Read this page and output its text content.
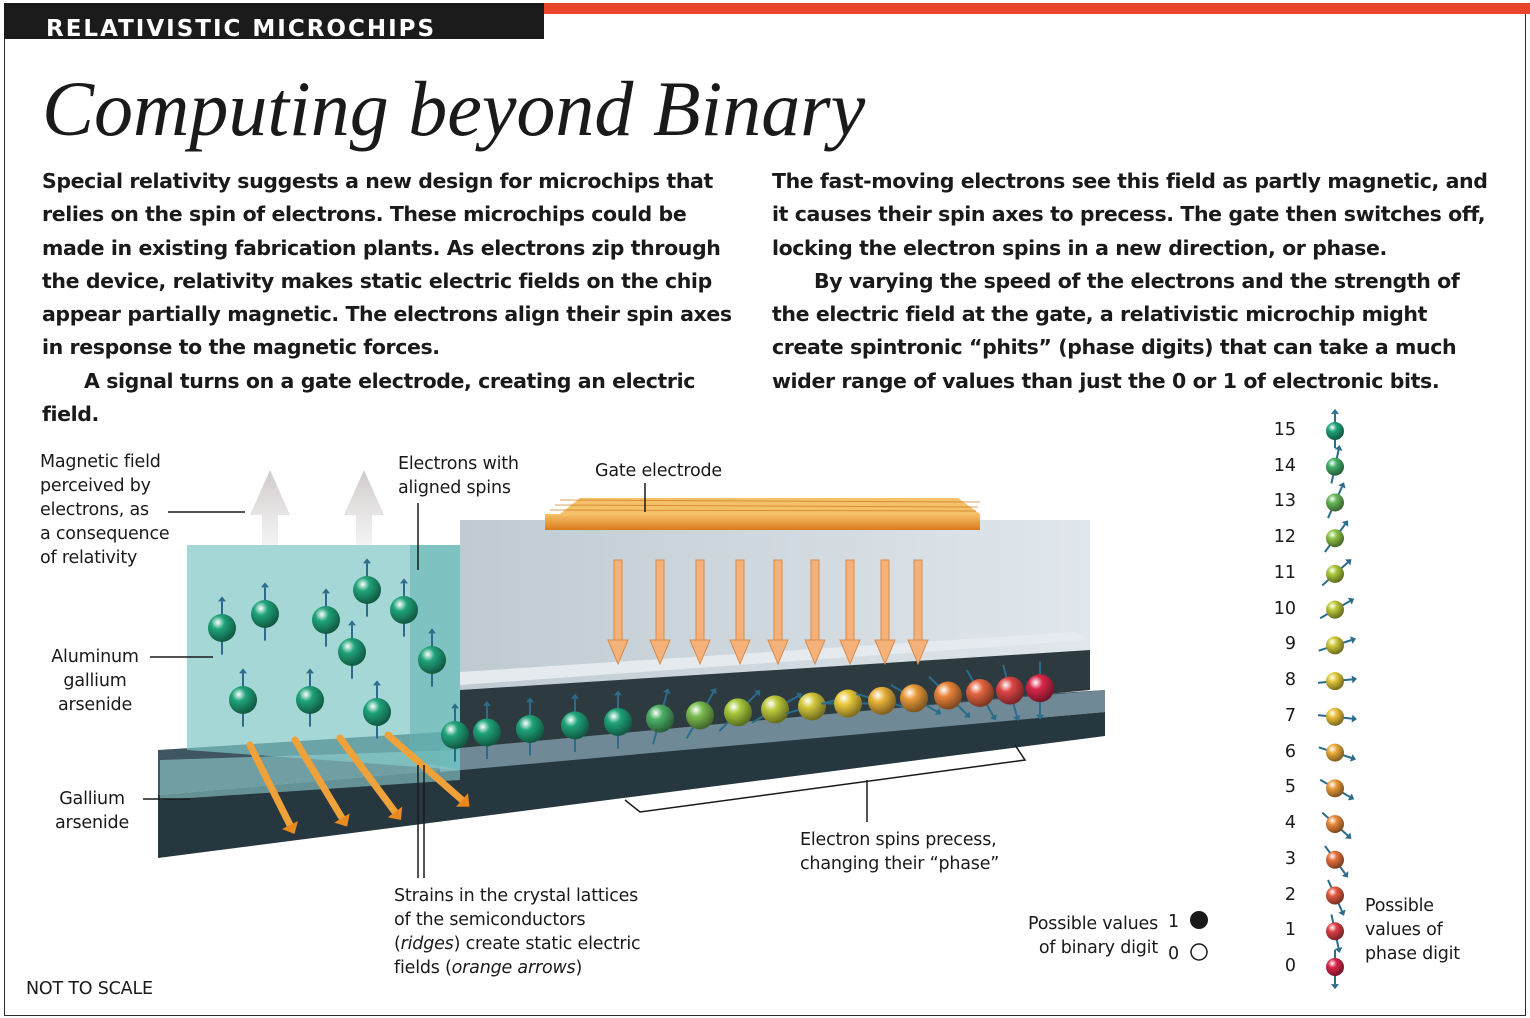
RELATIVISTIC MICROCHIPS
Computing beyond Binary

Special relativity suggests a new design for microchips that relies on the spin of electrons. These microchips could be made in existing fabrication plants. As electrons zip through the device, relativity makes static electric fields on the chip appear partially magnetic. The electrons align their spin axes in response to the magnetic forces.

A signal turns on a gate electrode, creating an electric field.

The fast-moving electrons see this field as partly magnetic, and it causes their spin axes to precess. The gate then switches off, locking the electron spins in a new direction, or phase.

By varying the speed of the electrons and the strength of the electric field at the gate, a relativistic microchip might create spintronic “phits” (phase digits) that can take a much wider range of values than just the 0 or 1 of electronic bits.

Magnetic field
perceived by
electrons, as
a consequence
of relativity
Electrons with
aligned spins
Gate electrode
Aluminum
gallium
arsenide
Gallium
arsenide
Strains in the crystal lattices
of the semiconductors
(ridges) create static electric
fields (orange arrows)
Electron spins precess,
changing their “phase”
Possible values
of binary digit
1
0
Possible
values of
phase digit
15
14
13
12
11
10
9
8
7
6
5
4
3
2
1
0
NOT TO SCALE
